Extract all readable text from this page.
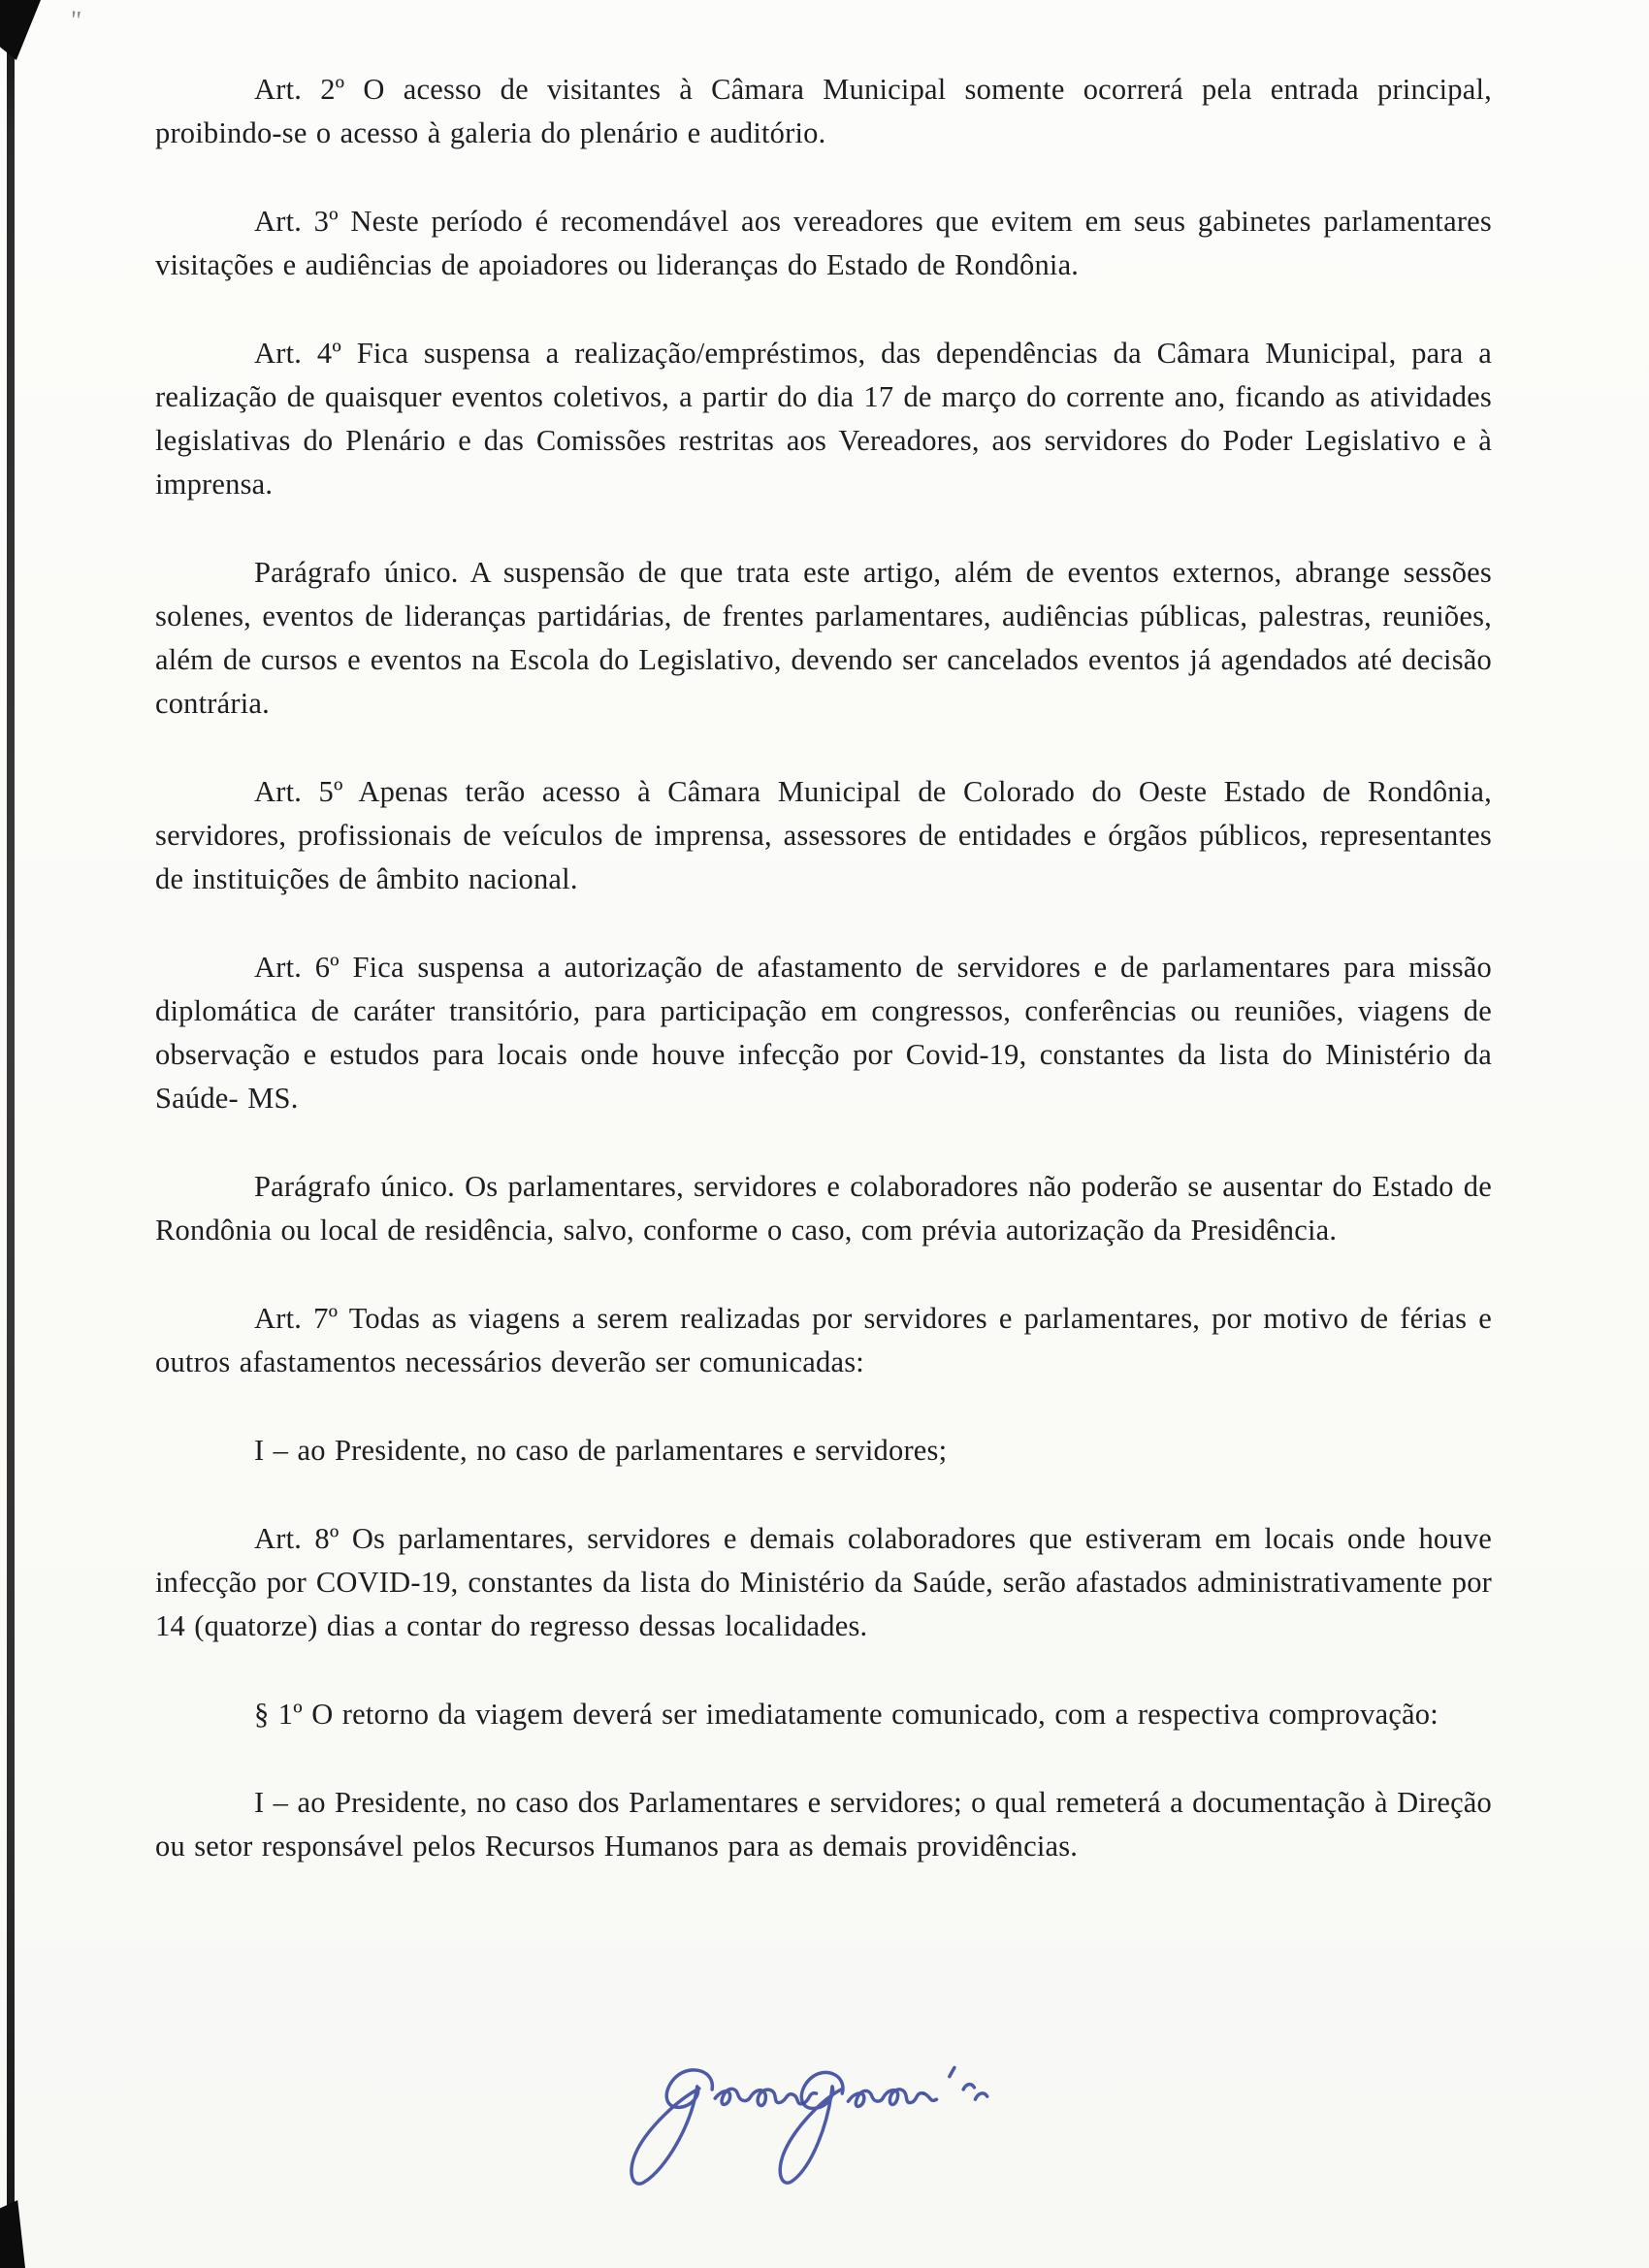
"

Art. 2º O acesso de visitantes à Câmara Municipal somente ocorrerá pela entrada principal, proibindo-se o acesso à galeria do plenário e auditório.

Art. 3º Neste período é recomendável aos vereadores que evitem em seus gabinetes parlamentares visitações e audiências de apoiadores ou lideranças do Estado de Rondônia.

Art. 4º Fica suspensa a realização/empréstimos, das dependências da Câmara Municipal, para a realização de quaisquer eventos coletivos, a partir do dia 17 de março do corrente ano, ficando as atividades legislativas do Plenário e das Comissões restritas aos Vereadores, aos servidores do Poder Legislativo e à imprensa.

Parágrafo único. A suspensão de que trata este artigo, além de eventos externos, abrange sessões solenes, eventos de lideranças partidárias, de frentes parlamentares, audiências públicas, palestras, reuniões, além de cursos e eventos na Escola do Legislativo, devendo ser cancelados eventos já agendados até decisão contrária.

Art. 5º Apenas terão acesso à Câmara Municipal de Colorado do Oeste Estado de Rondônia, servidores, profissionais de veículos de imprensa, assessores de entidades e órgãos públicos, representantes de instituições de âmbito nacional.

Art. 6º Fica suspensa a autorização de afastamento de servidores e de parlamentares para missão diplomática de caráter transitório, para participação em congressos, conferências ou reuniões, viagens de observação e estudos para locais onde houve infecção por Covid-19, constantes da lista do Ministério da Saúde- MS.

Parágrafo único. Os parlamentares, servidores e colaboradores não poderão se ausentar do Estado de Rondônia ou local de residência, salvo, conforme o caso, com prévia autorização da Presidência.

Art. 7º Todas as viagens a serem realizadas por servidores e parlamentares, por motivo de férias e outros afastamentos necessários deverão ser comunicadas:

I – ao Presidente, no caso de parlamentares e servidores;

Art. 8º Os parlamentares, servidores e demais colaboradores que estiveram em locais onde houve infecção por COVID-19, constantes da lista do Ministério da Saúde, serão afastados administrativamente por 14 (quatorze) dias a contar do regresso dessas localidades.

§ 1º O retorno da viagem deverá ser imediatamente comunicado, com a respectiva comprovação:

I – ao Presidente, no caso dos Parlamentares e servidores; o qual remeterá a documentação à Direção ou setor responsável pelos Recursos Humanos para as demais providências.
